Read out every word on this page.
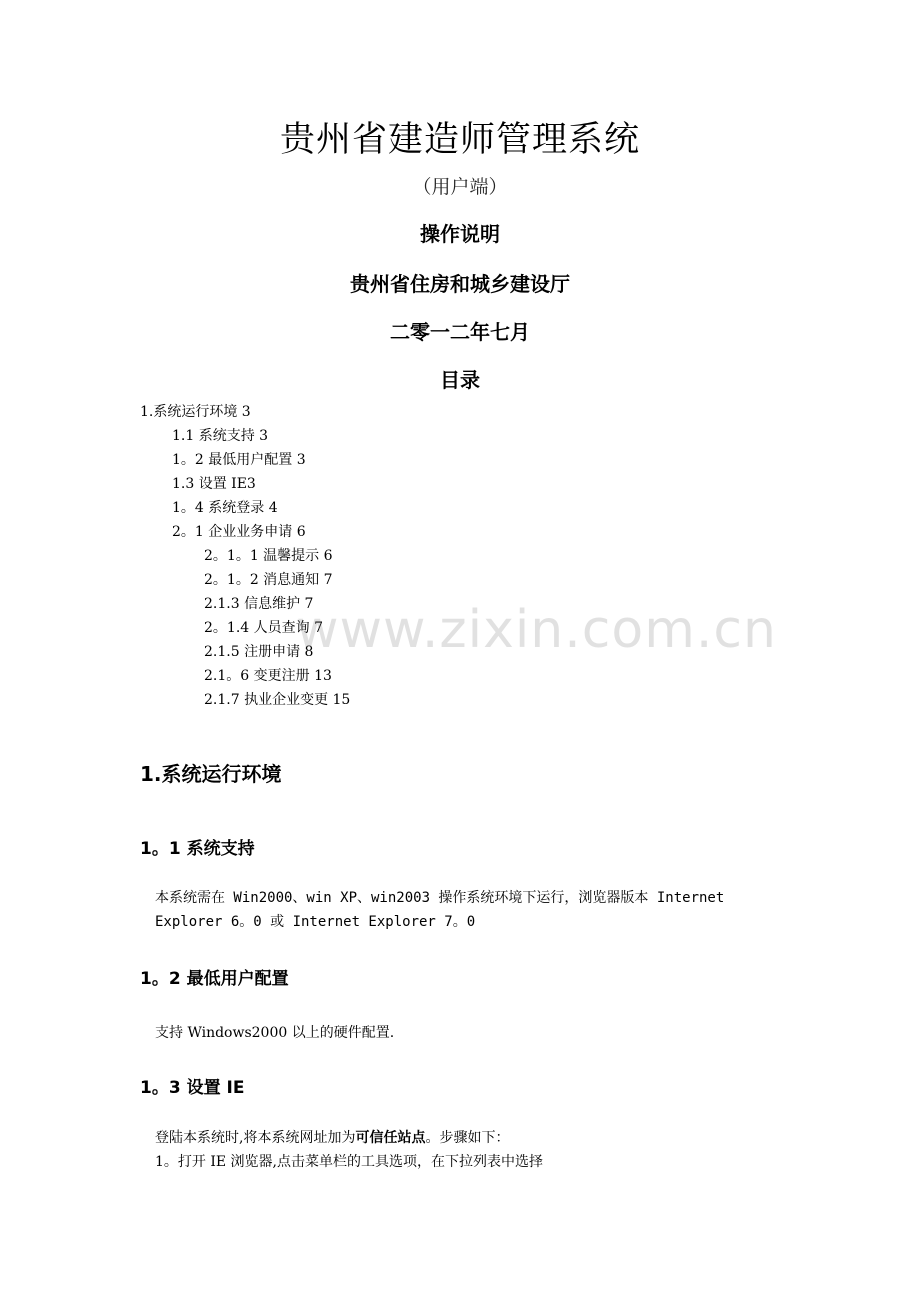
贵州省建造师管理系统
（用户端）
操作说明
贵州省住房和城乡建设厅
二零一二年七月
目录
1.系统运行环境 3
1.1 系统支持 3
1。2 最低用户配置 3
1.3 设置 IE3
1。4 系统登录 4
2。1 企业业务申请 6
2。1。1 温馨提示 6
2。1。2 消息通知 7
2.1.3 信息维护 7
2。1.4 人员查询 7
2.1.5 注册申请 8
2.1。6 变更注册 13
2.1.7 执业企业变更 15
www.zixin.com.cn
1.系统运行环境
1。1 系统支持
本系统需在 Win2000、win XP、win2003 操作系统环境下运行，浏览器版本 Internet
Explorer 6。0 或 Internet Explorer 7。0
1。2 最低用户配置
支持 Windows2000 以上的硬件配置.
1。3 设置 IE
登陆本系统时,将本系统网址加为可信任站点。步骤如下：
1。打开 IE 浏览器,点击菜单栏的工具选项，在下拉列表中选择
